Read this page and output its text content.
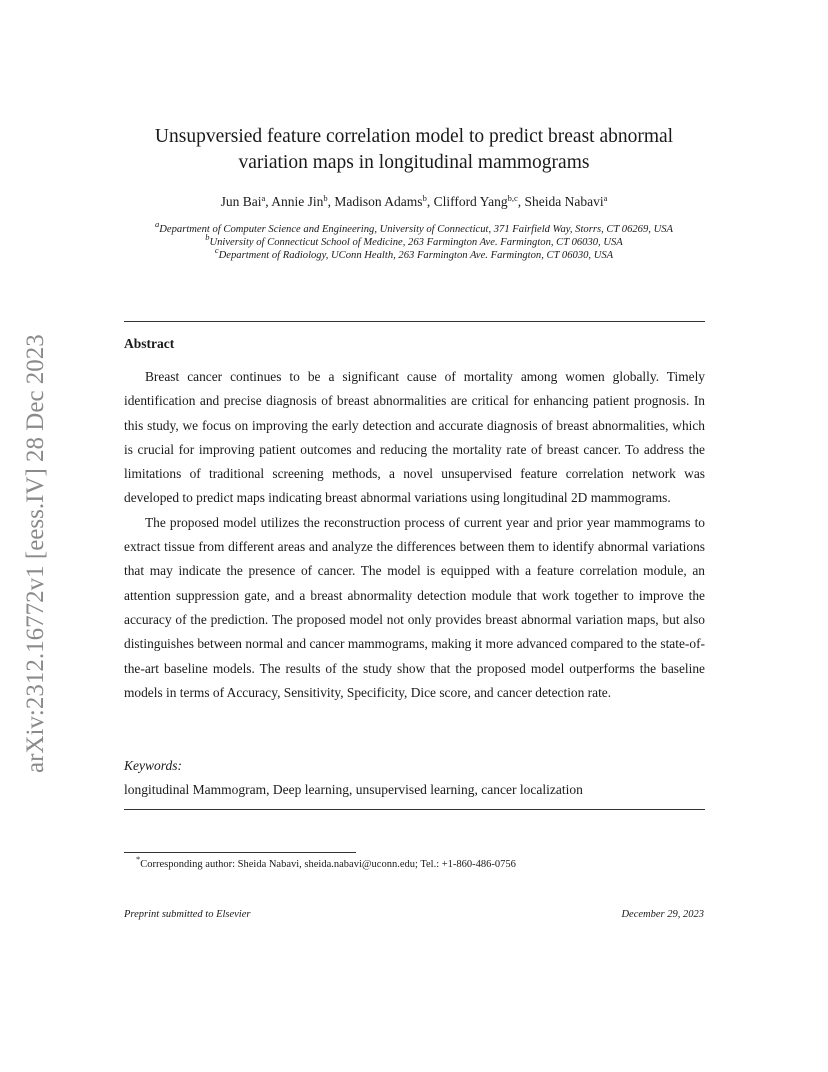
arXiv:2312.16772v1 [eess.IV] 28 Dec 2023
Unsupversied feature correlation model to predict breast abnormal
variation maps in longitudinal mammograms
Jun Bai$^a$, Annie Jin$^b$, Madison Adams$^b$, Clifford Yang$^{b,c}$, Sheida Nabavi$^a$
$^a$Department of Computer Science and Engineering, University of Connecticut, 371 Fairfield Way, Storrs, CT 06269, USA
$^b$University of Connecticut School of Medicine, 263 Farmington Ave. Farmington, CT 06030, USA
$^c$Department of Radiology, UConn Health, 263 Farmington Ave. Farmington, CT 06030, USA
Abstract

Breast cancer continues to be a significant cause of mortality among women globally. Timely identification and precise diagnosis of breast abnormalities are critical for enhancing patient prognosis. In this study, we focus on improving the early detection and accurate diagnosis of breast abnormalities, which is crucial for improving patient outcomes and reducing the mortality rate of breast cancer. To address the limitations of traditional screening methods, a novel unsupervised feature correlation network was developed to predict maps indicating breast abnormal variations using longitudinal 2D mammograms.

The proposed model utilizes the reconstruction process of current year and prior year mammograms to extract tissue from different areas and analyze the differences between them to identify abnormal variations that may indicate the presence of cancer. The model is equipped with a feature correlation module, an attention suppression gate, and a breast abnormality detection module that work together to improve the accuracy of the prediction. The proposed model not only provides breast abnormal variation maps, but also distinguishes between normal and cancer mammograms, making it more advanced compared to the state-of-the-art baseline models. The results of the study show that the proposed model outperforms the baseline models in terms of Accuracy, Sensitivity, Specificity, Dice score, and cancer detection rate.

Keywords:
longitudinal Mammogram, Deep learning, unsupervised learning, cancer localization
*Corresponding author: Sheida Nabavi, sheida.nabavi@uconn.edu; Tel.: +1-860-486-0756
Preprint submitted to Elsevier	December 29, 2023
